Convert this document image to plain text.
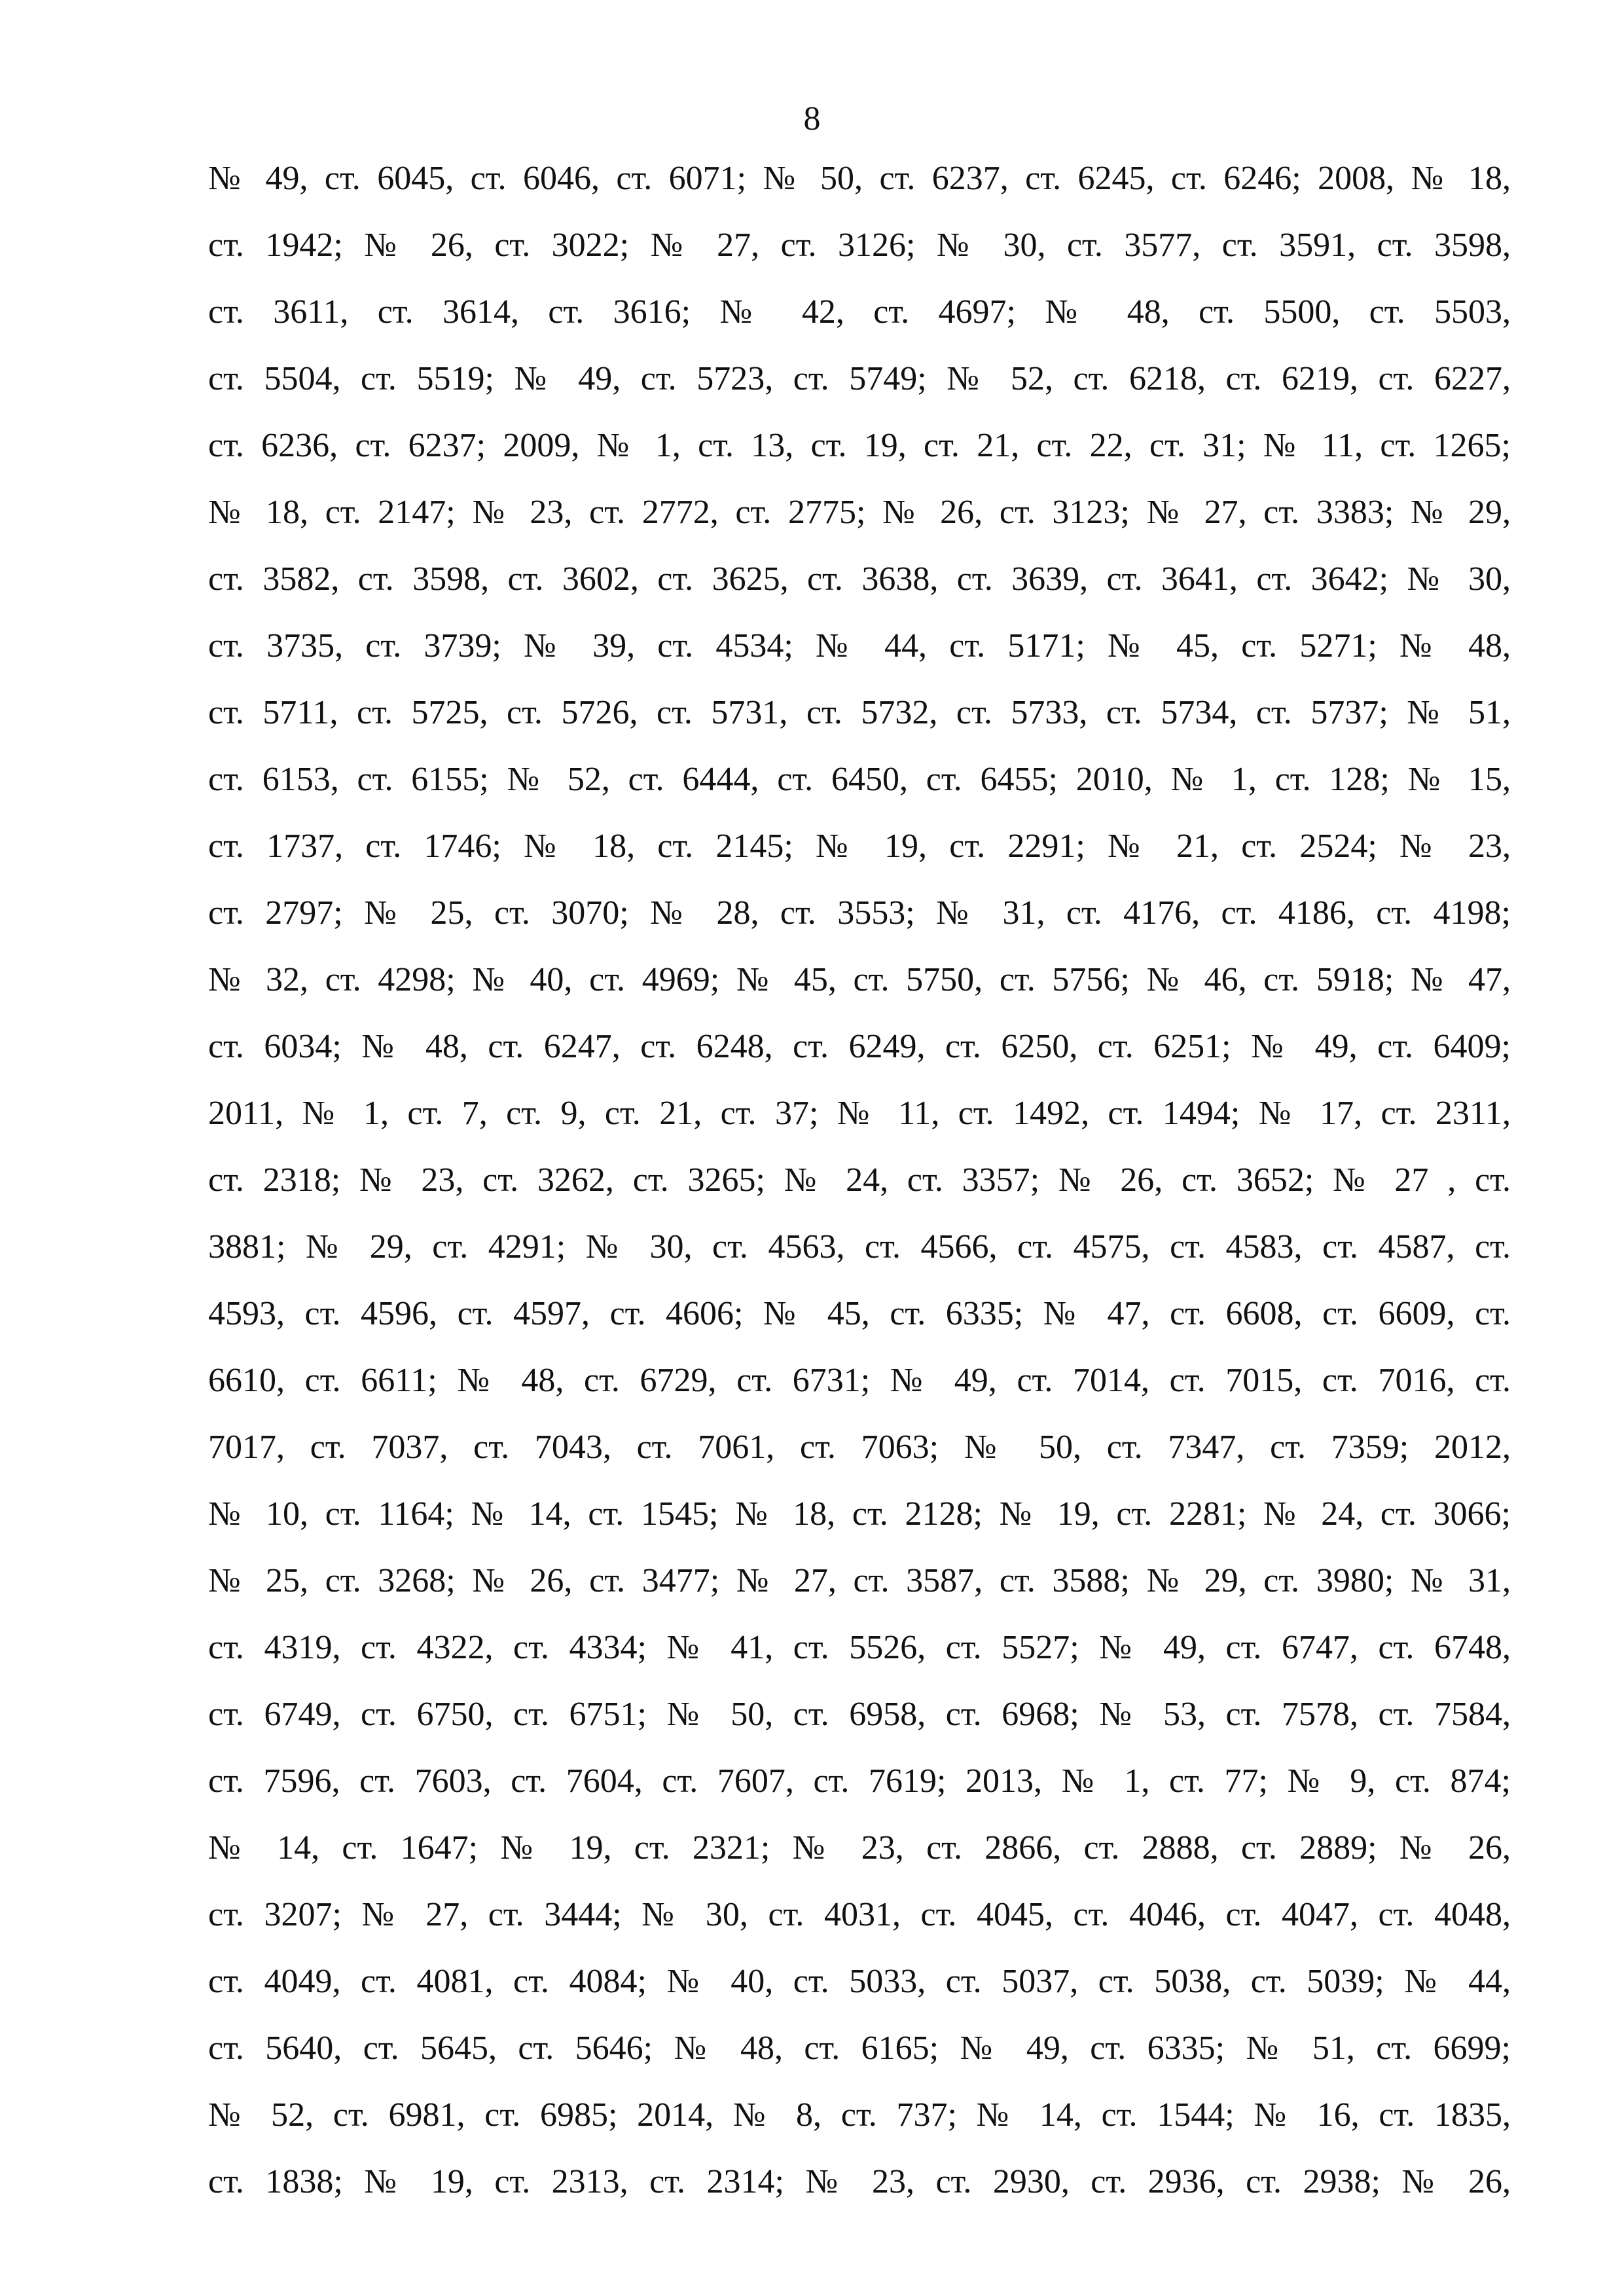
8
№ 49, ст. 6045, ст. 6046, ст. 6071; № 50, ст. 6237, ст. 6245, ст. 6246; 2008, № 18,
ст. 1942; № 26, ст. 3022; № 27, ст. 3126; № 30, ст. 3577, ст. 3591, ст. 3598,
ст. 3611, ст. 3614, ст. 3616; № 42, ст. 4697; № 48, ст. 5500, ст. 5503,
ст. 5504, ст. 5519; № 49, ст. 5723, ст. 5749; № 52, ст. 6218, ст. 6219, ст. 6227,
ст. 6236, ст. 6237; 2009, № 1, ст. 13, ст. 19, ст. 21, ст. 22, ст. 31; № 11, ст. 1265;
№ 18, ст. 2147; № 23, ст. 2772, ст. 2775; № 26, ст. 3123; № 27, ст. 3383; № 29,
ст. 3582, ст. 3598, ст. 3602, ст. 3625, ст. 3638, ст. 3639, ст. 3641, ст. 3642; № 30,
ст. 3735, ст. 3739; № 39, ст. 4534; № 44, ст. 5171; № 45, ст. 5271; № 48,
ст. 5711, ст. 5725, ст. 5726, ст. 5731, ст. 5732, ст. 5733, ст. 5734, ст. 5737; № 51,
ст. 6153, ст. 6155; № 52, ст. 6444, ст. 6450, ст. 6455; 2010, № 1, ст. 128; № 15,
ст. 1737, ст. 1746; № 18, ст. 2145; № 19, ст. 2291; № 21, ст. 2524; № 23,
ст. 2797; № 25, ст. 3070; № 28, ст. 3553; № 31, ст. 4176, ст. 4186, ст. 4198;
№ 32, ст. 4298; № 40, ст. 4969; № 45, ст. 5750, ст. 5756; № 46, ст. 5918; № 47,
ст. 6034; № 48, ст. 6247, ст. 6248, ст. 6249, ст. 6250, ст. 6251; № 49, ст. 6409;
2011, № 1, ст. 7, ст. 9, ст. 21, ст. 37; № 11, ст. 1492, ст. 1494; № 17, ст. 2311,
ст. 2318; № 23, ст. 3262, ст. 3265; № 24, ст. 3357; № 26, ст. 3652; № 27 , ст.
3881; № 29, ст. 4291; № 30, ст. 4563, ст. 4566, ст. 4575, ст. 4583, ст. 4587, ст.
4593, ст. 4596, ст. 4597, ст. 4606; № 45, ст. 6335; № 47, ст. 6608, ст. 6609, ст.
6610, ст. 6611; № 48, ст. 6729, ст. 6731; № 49, ст. 7014, ст. 7015, ст. 7016, ст.
7017, ст. 7037, ст. 7043, ст. 7061, ст. 7063; № 50, ст. 7347, ст. 7359; 2012,
№ 10, ст. 1164; № 14, ст. 1545; № 18, ст. 2128; № 19, ст. 2281; № 24, ст. 3066;
№ 25, ст. 3268; № 26, ст. 3477; № 27, ст. 3587, ст. 3588; № 29, ст. 3980; № 31,
ст. 4319, ст. 4322, ст. 4334; № 41, ст. 5526, ст. 5527; № 49, ст. 6747, ст. 6748,
ст. 6749, ст. 6750, ст. 6751; № 50, ст. 6958, ст. 6968; № 53, ст. 7578, ст. 7584,
ст. 7596, ст. 7603, ст. 7604, ст. 7607, ст. 7619; 2013, № 1, ст. 77; № 9, ст. 874;
№ 14, ст. 1647; № 19, ст. 2321; № 23, ст. 2866, ст. 2888, ст. 2889; № 26,
ст. 3207; № 27, ст. 3444; № 30, ст. 4031, ст. 4045, ст. 4046, ст. 4047, ст. 4048,
ст. 4049, ст. 4081, ст. 4084; № 40, ст. 5033, ст. 5037, ст. 5038, ст. 5039; № 44,
ст. 5640, ст. 5645, ст. 5646; № 48, ст. 6165; № 49, ст. 6335; № 51, ст. 6699;
№ 52, ст. 6981, ст. 6985; 2014, № 8, ст. 737; № 14, ст. 1544; № 16, ст. 1835,
ст. 1838; № 19, ст. 2313, ст. 2314; № 23, ст. 2930, ст. 2936, ст. 2938; № 26,
